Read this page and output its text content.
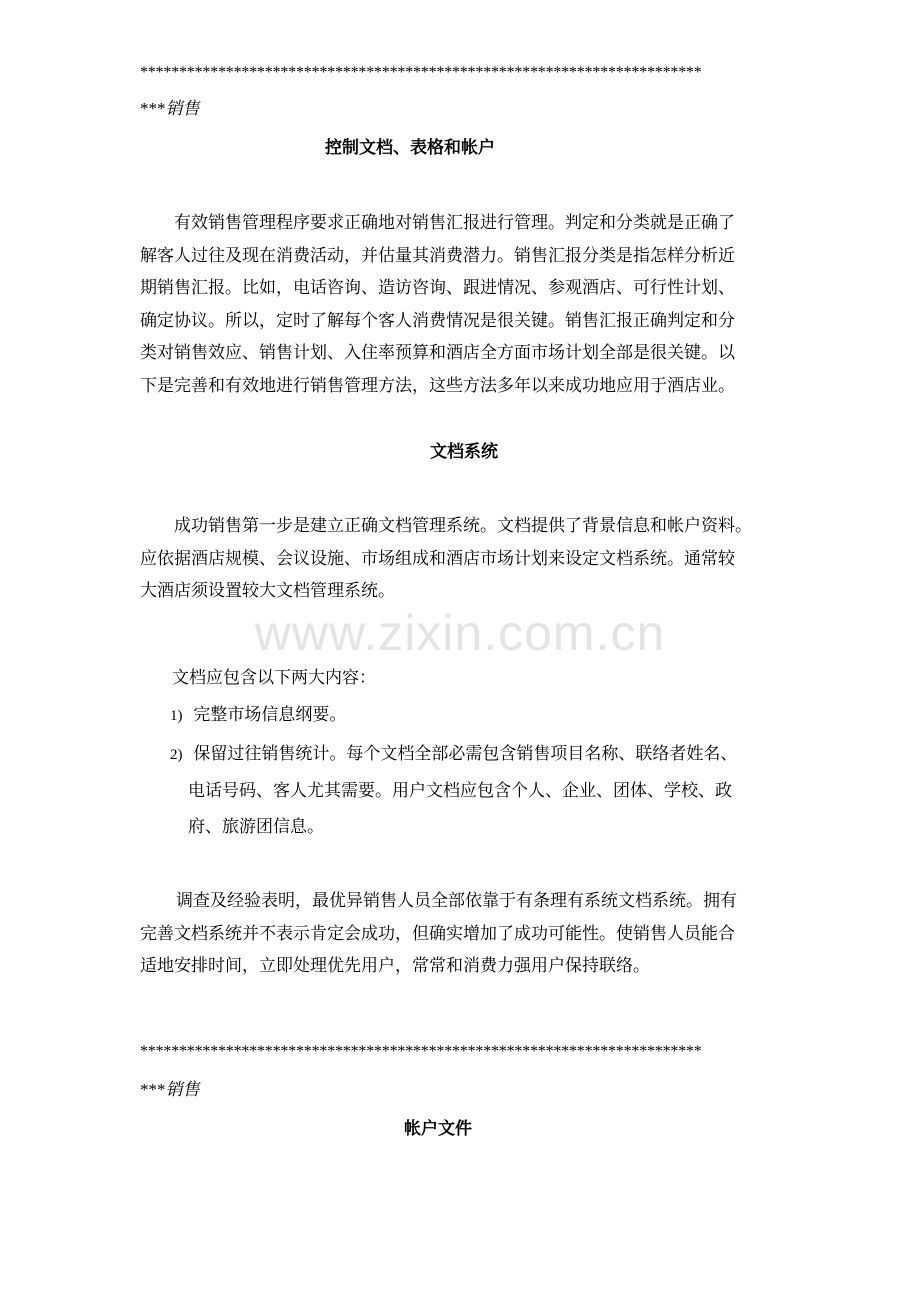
************************************************************************
***销售
控制文档、表格和帐户
有效销售管理程序要求正确地对销售汇报进行管理。判定和分类就是正确了
解客人过往及现在消费活动，并估量其消费潜力。销售汇报分类是指怎样分析近
期销售汇报。比如，电话咨询、造访咨询、跟进情况、参观酒店、可行性计划、
确定协议。所以，定时了解每个客人消费情况是很关键。销售汇报正确判定和分
类对销售效应、销售计划、入住率预算和酒店全方面市场计划全部是很关键。以
下是完善和有效地进行销售管理方法，这些方法多年以来成功地应用于酒店业。
文档系统
成功销售第一步是建立正确文档管理系统。文档提供了背景信息和帐户资料。
应依据酒店规模、会议设施、市场组成和酒店市场计划来设定文档系统。通常较
大酒店须设置较大文档管理系统。
www.zixin.com.cn
文档应包含以下两大内容：
1) 完整市场信息纲要。
2) 保留过往销售统计。每个文档全部必需包含销售项目名称、联络者姓名、
电话号码、客人尤其需要。用户文档应包含个人、企业、团体、学校、政
府、旅游团信息。
调查及经验表明，最优异销售人员全部依靠于有条理有系统文档系统。拥有
完善文档系统并不表示肯定会成功，但确实增加了成功可能性。使销售人员能合
适地安排时间，立即处理优先用户，常常和消费力强用户保持联络。
************************************************************************
***销售
帐户文件
